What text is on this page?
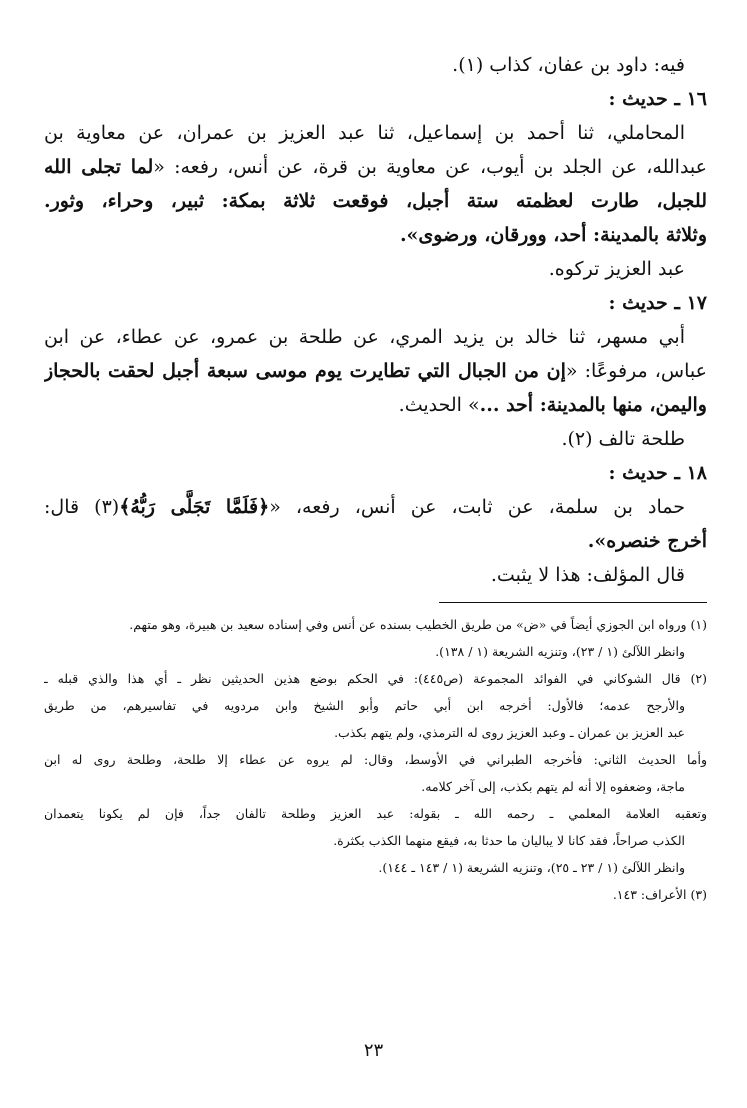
فيه: داود بن عفان، كذاب (١).
١٦ ـ حديث :
المحاملي، ثنا أحمد بن إسماعيل، ثنا عبد العزيز بن عمران، عن معاوية بن
عبدالله، عن الجلد بن أيوب، عن معاوية بن قرة، عن أنس، رفعه: «لما تجلى الله
للجبل، طارت لعظمته ستة أجبل، فوقعت ثلاثة بمكة: ثبير، وحراء، وثور.
وثلاثة بالمدينة: أحد، وورقان، ورضوى».
عبد العزيز تركوه.
١٧ ـ حديث :
أبي مسهر، ثنا خالد بن يزيد المري، عن طلحة بن عمرو، عن عطاء، عن ابن
عباس، مرفوعًا: «إن من الجبال التي تطايرت يوم موسى سبعة أجبل لحقت بالحجاز
واليمن، منها بالمدينة: أحد ...» الحديث.
طلحة تالف (٢).
١٨ ـ حديث :
حماد بن سلمة، عن ثابت، عن أنس، رفعه، «﴿فَلَمَّا تَجَلَّى رَبُّهُ﴾(٣) قال:
أخرج خنصره».
قال المؤلف: هذا لا يثبت.
(١) ورواه ابن الجوزي أيضاً في «ض» من طريق الخطيب بسنده عن أنس وفي إسناده سعيد بن هبيرة، وهو متهم.
وانظر اللآلئ (١ / ٢٣)، وتنزيه الشريعة (١ / ١٣٨).
(٢) قال الشوكاني في الفوائد المجموعة (ص٤٤٥): في الحكم بوضع هذين الحديثين نظر ـ أي هذا والذي قبله ـ
والأرجح عدمه؛ فالأول: أخرجه ابن أبي حاتم وأبو الشيخ وابن مردويه في تفاسيرهم، من طريق
عبد العزيز بن عمران ـ وعبد العزيز روى له الترمذي، ولم يتهم بكذب.
وأما الحديث الثاني: فأخرجه الطبراني في الأوسط، وقال: لم يروه عن عطاء إلا طلحة، وطلحة روى له ابن
ماجة، وضعفوه إلا أنه لم يتهم بكذب، إلى آخر كلامه.
وتعقبه العلامة المعلمي ـ رحمه الله ـ بقوله: عبد العزيز وطلحة تالفان جداً، فإن لم يكونا يتعمدان
الكذب صراحاً، فقد كانا لا يباليان ما حدثا به، فيقع منهما الكذب بكثرة.
وانظر اللآلئ (١ / ٢٣ ـ ٢٥)، وتنزيه الشريعة (١ / ١٤٣ ـ ١٤٤).
(٣) الأعراف: ١٤٣.
٢٣
